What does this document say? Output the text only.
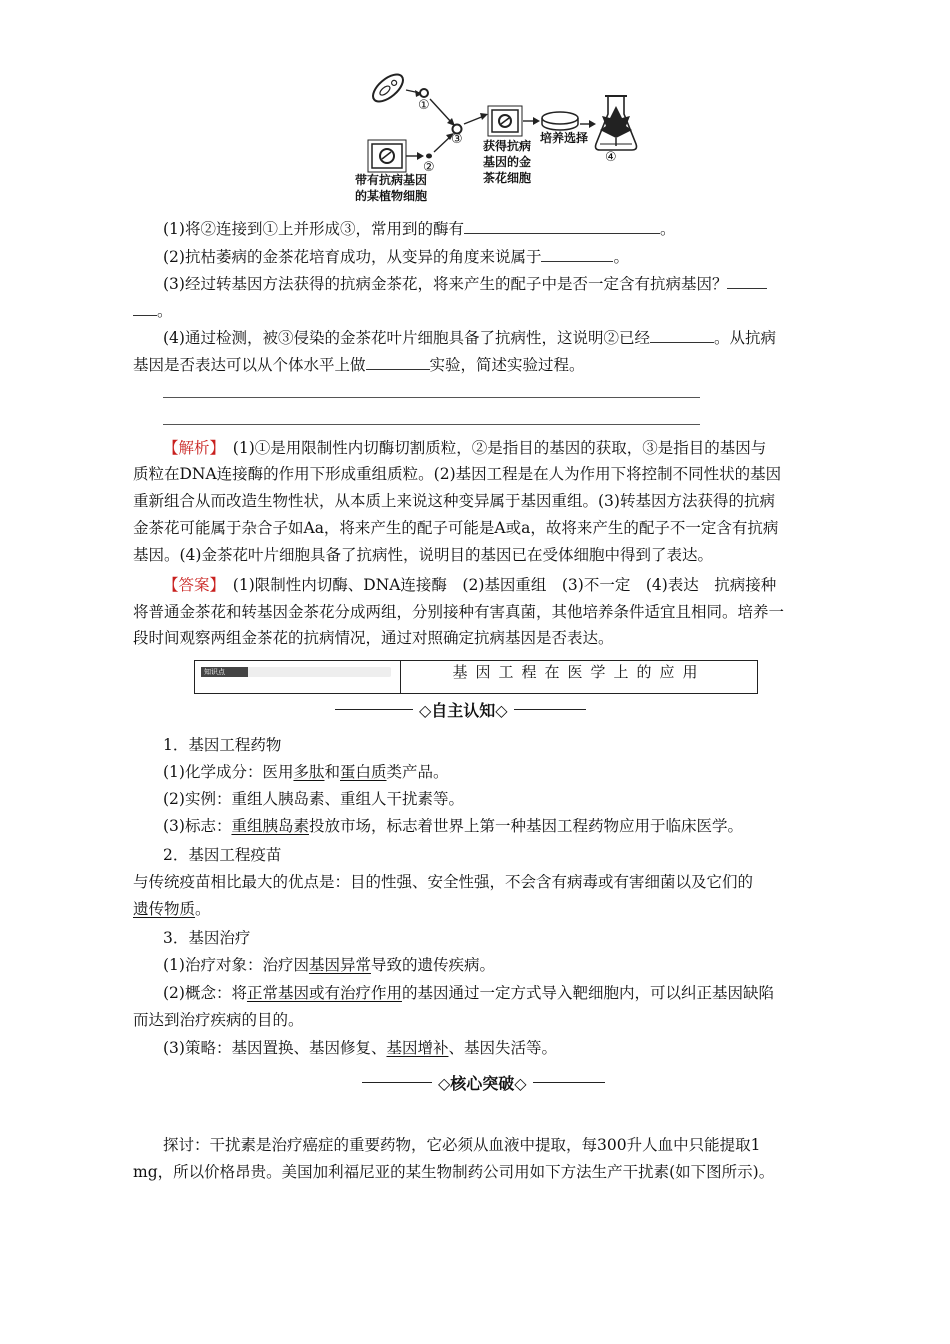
①
②
③
④
带有抗病基因
的某植物细胞
获得抗病
基因的金
茶花细胞
培养选择
(1)将②连接到①上并形成③，常用到的酶有	。
(2)抗枯萎病的金茶花培育成功，从变异的角度来说属于	。
(3)经过转基因方法获得的抗病金茶花，将来产生的配子中是否一定含有抗病基因？
。
(4)通过检测，被③侵染的金茶花叶片细胞具备了抗病性，这说明②已经	。从抗病
基因是否表达可以从个体水平上做	实验，简述实验过程。
【解析】　 (1)①是用限制性内切酶切割质粒，②是指目的基因的获取，③是指目的基因与
质粒在DNA连接酶的作用下形成重组质粒。(2)基因工程是在人为作用下将控制不同性状的基因
重新组合从而改造生物性状，从本质上来说这种变异属于基因重组。(3)转基因方法获得的抗病
金茶花可能属于杂合子如Aa，将来产生的配子可能是A或a，故将来产生的配子不一定含有抗病
基因。(4)金茶花叶片细胞具备了抗病性，说明目的基因已在受体细胞中得到了表达。
【答案】　 (1)限制性内切酶、DNA连接酶　(2)基因重组　(3)不一定　(4)表达　抗病接种
将普通金茶花和转基因金茶花分成两组，分别接种有害真菌，其他培养条件适宜且相同。培养一
段时间观察两组金茶花的抗病情况，通过对照确定抗病基因是否表达。
知识点	基因工程在医学上的应用
◇自主认知◇
1．基因工程药物
(1)化学成分：医用多肽和蛋白质类产品。
(2)实例：重组人胰岛素、重组人干扰素等。
(3)标志：重组胰岛素投放市场，标志着世界上第一种基因工程药物应用于临床医学。
2．基因工程疫苗
与传统疫苗相比最大的优点是：目的性强、安全性强，不会含有病毒或有害细菌以及它们的
遗传物质。
3．基因治疗
(1)治疗对象：治疗因基因异常导致的遗传疾病。
(2)概念：将正常基因或有治疗作用的基因通过一定方式导入靶细胞内，可以纠正基因缺陷
而达到治疗疾病的目的。
(3)策略：基因置换、基因修复、基因增补、基因失活等。
◇核心突破◇
探讨：干扰素是治疗癌症的重要药物，它必须从血液中提取，每300升人血中只能提取1
mg，所以价格昂贵。美国加利福尼亚的某生物制药公司用如下方法生产干扰素(如下图所示)。
